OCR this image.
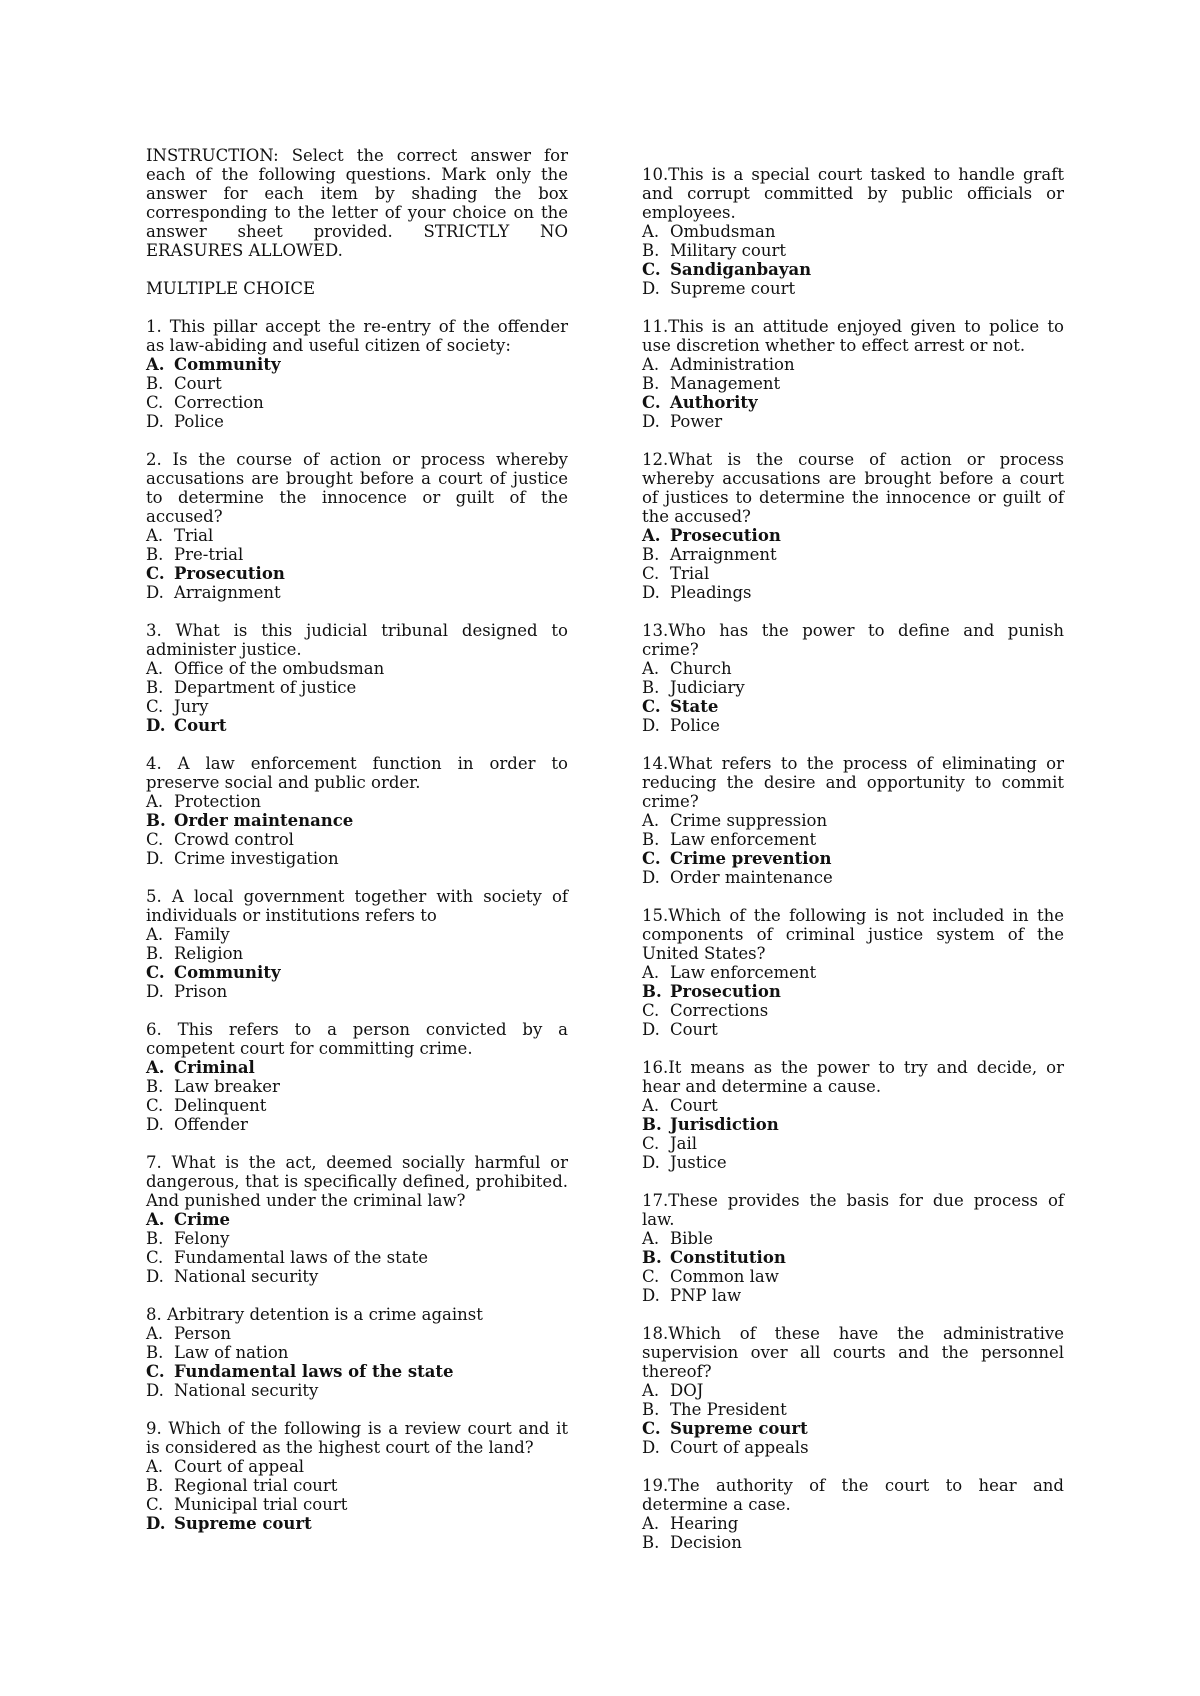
INSTRUCTION: Select the correct answer for each of the following questions. Mark only the answer for each item by shading the box corresponding to the letter of your choice on the answer sheet provided. STRICTLY NO ERASURES ALLOWED.

MULTIPLE CHOICE

1. This pillar accept the re-entry of the offender as law-abiding and useful citizen of society:

A. Community
B. Court
C. Correction
D. Police

2. Is the course of action or process whereby accusations are brought before a court of justice to determine the innocence or guilt of the accused?

A. Trial
B. Pre-trial
C. Prosecution
D. Arraignment

3. What is this judicial tribunal designed to administer justice.

A. Office of the ombudsman
B. Department of justice
C. Jury
D. Court

4. A law enforcement function in order to preserve social and public order.

A. Protection
B. Order maintenance
C. Crowd control
D. Crime investigation

5. A local government together with society of individuals or institutions refers to

A. Family
B. Religion
C. Community
D. Prison

6. This refers to a person convicted by a competent court for committing crime.

A. Criminal
B. Law breaker
C. Delinquent
D. Offender

7. What is the act, deemed socially harmful or dangerous, that is specifically defined, prohibited. And punished under the criminal law?

A. Crime
B. Felony
C. Fundamental laws of the state
D. National security

8. Arbitrary detention is a crime against

A. Person
B. Law of nation
C. Fundamental laws of the state
D. National security

9. Which of the following is a review court and it is considered as the highest court of the land?

A. Court of appeal
B. Regional trial court
C. Municipal trial court
D. Supreme court

10.This is a special court tasked to handle graft and corrupt committed by public officials or employees.

A. Ombudsman
B. Military court
C. Sandiganbayan
D. Supreme court

11.This is an attitude enjoyed given to police to use discretion whether to effect arrest or not.

A. Administration
B. Management
C. Authority
D. Power

12.What is the course of action or process whereby accusations are brought before a court of justices to determine the innocence or guilt of the accused?

A. Prosecution
B. Arraignment
C. Trial
D. Pleadings

13.Who has the power to define and punish crime?

A. Church
B. Judiciary
C. State
D. Police

14.What refers to the process of eliminating or reducing the desire and opportunity to commit crime?

A. Crime suppression
B. Law enforcement
C. Crime prevention
D. Order maintenance

15.Which of the following is not included in the components of criminal justice system of the United States?

A. Law enforcement
B. Prosecution
C. Corrections
D. Court

16.It means as the power to try and decide, or hear and determine a cause.

A. Court
B. Jurisdiction
C. Jail
D. Justice

17.These provides the basis for due process of law.

A. Bible
B. Constitution
C. Common law
D. PNP law

18.Which of these have the administrative supervision over all courts and the personnel thereof?

A. DOJ
B. The President
C. Supreme court
D. Court of appeals

19.The authority of the court to hear and determine a case.

A. Hearing
B. Decision
